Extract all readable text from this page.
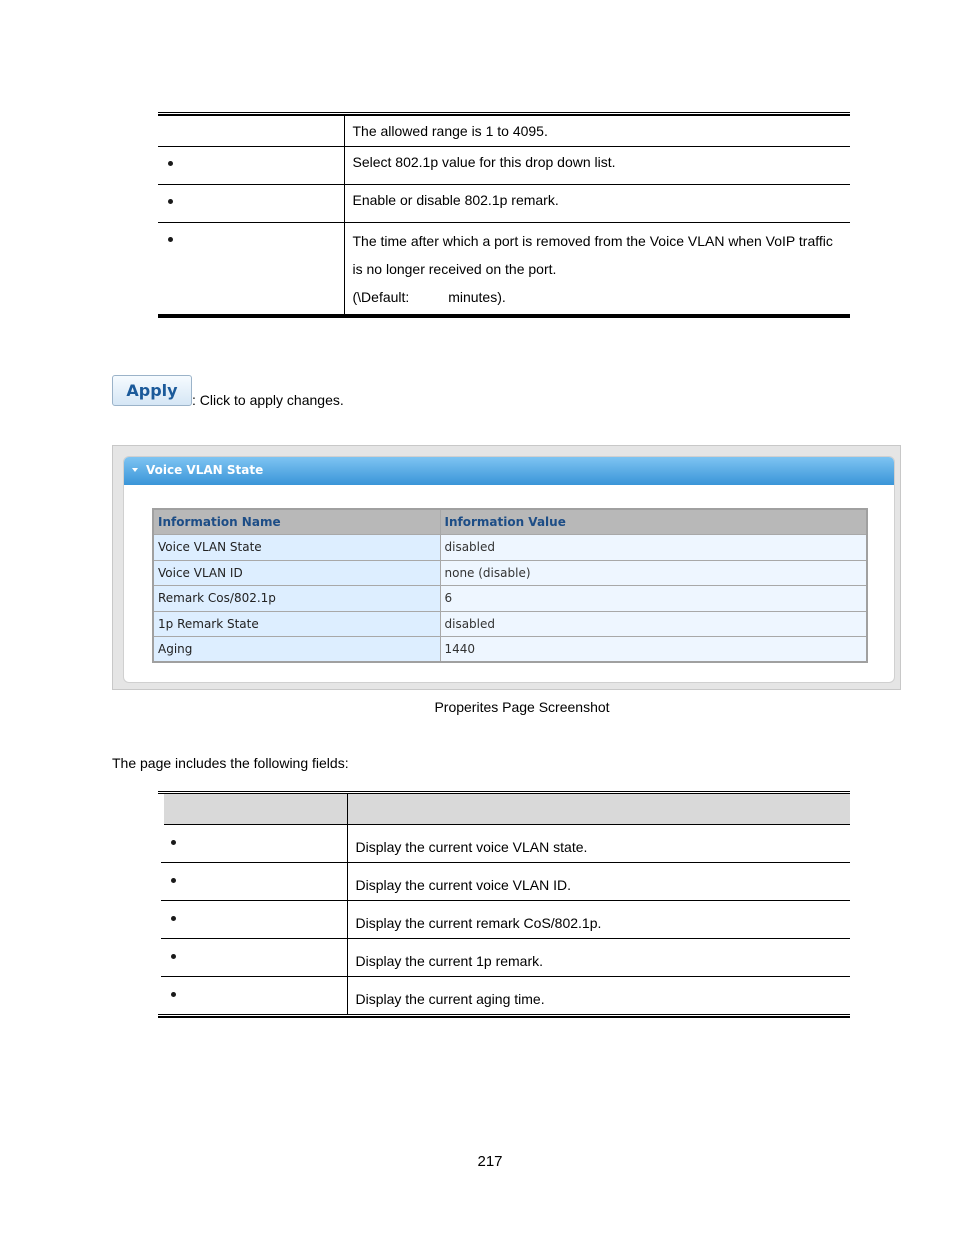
	The allowed range is 1 to 4095.

	Select 802.1p value for this drop down list.

	Enable or disable 802.1p remark.

	The time after which a port is removed from the Voice VLAN when VoIP traffic
is no longer received on the port.
(\Default:          minutes).
Apply	: Click to apply changes.
Voice VLAN State
Information Name	Information Value
Voice VLAN State	disabled
Voice VLAN ID	none (disable)
Remark Cos/802.1p	6
1p Remark State	disabled
Aging	1440
Properites Page Screenshot
The page includes the following fields:

	Display the current voice VLAN state.
	Display the current voice VLAN ID.
	Display the current remark CoS/802.1p.
	Display the current 1p remark.
	Display the current aging time.
217
